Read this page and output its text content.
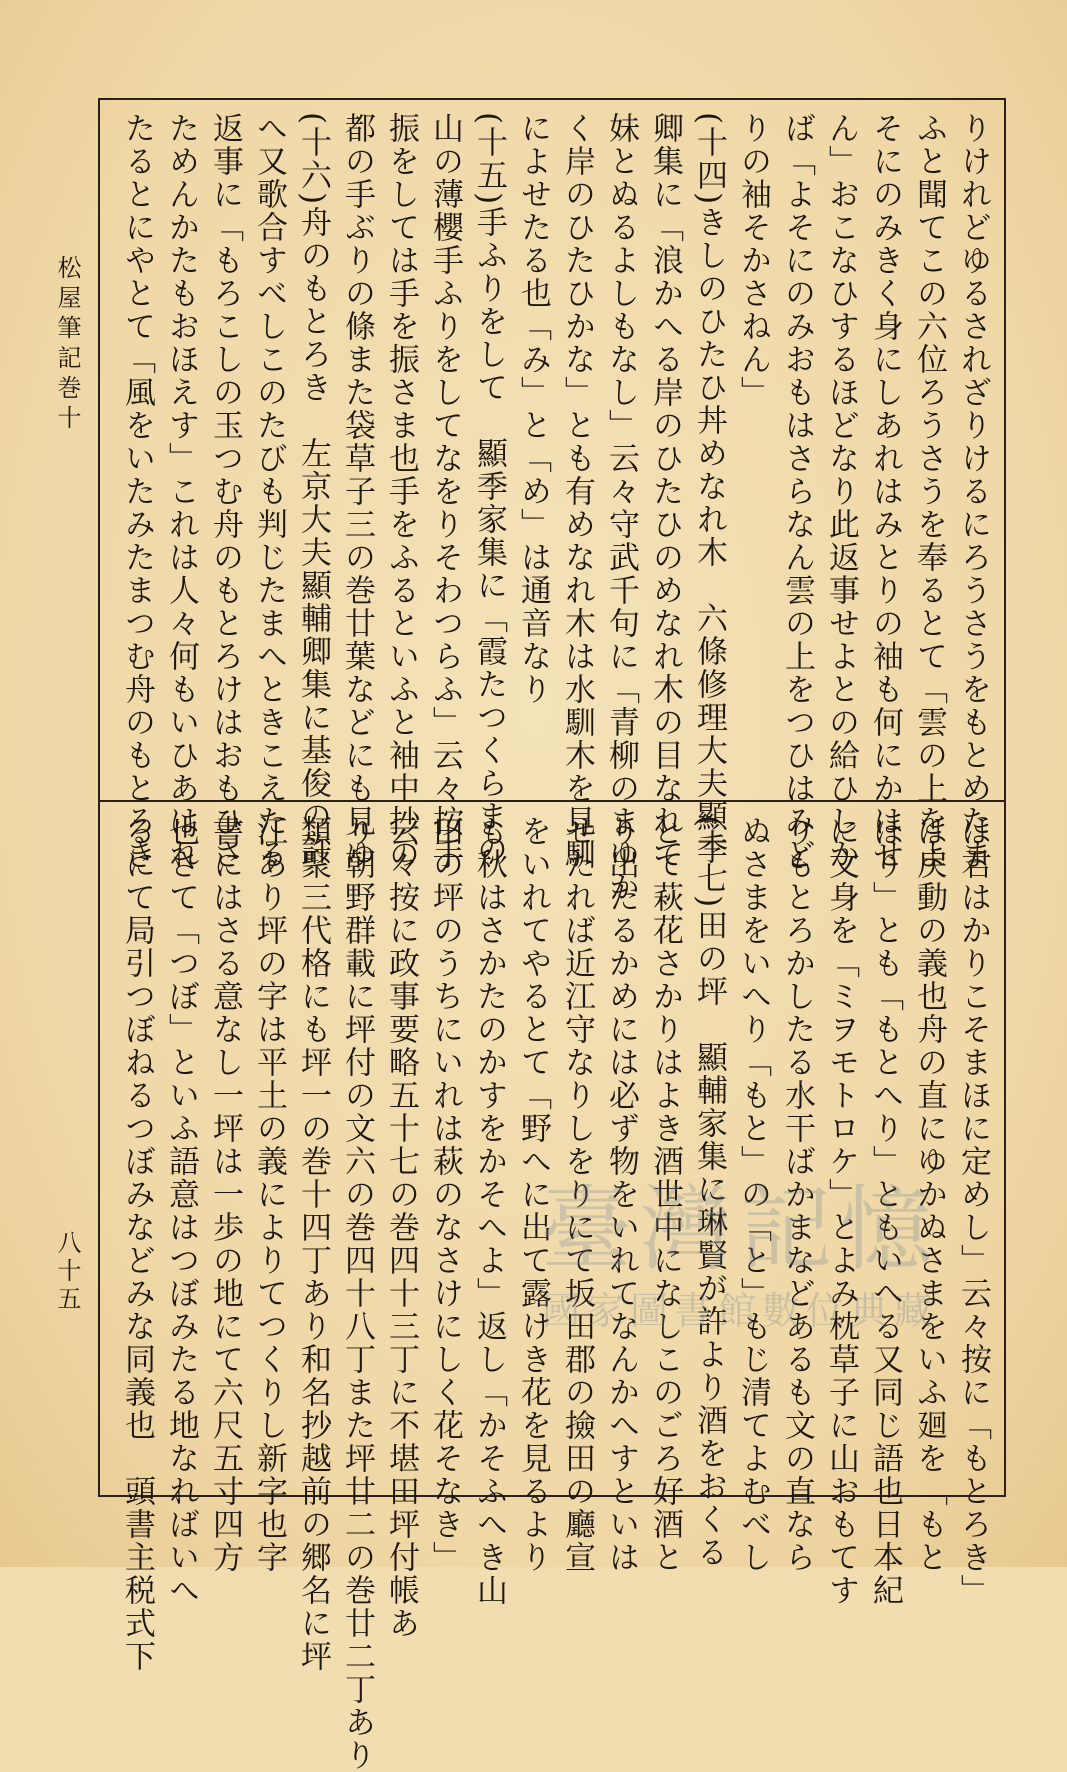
松屋筆記巻十
八十五
りけれどゆるされざりけるにろうさうをもとめたま
ふと聞てこの六位ろうさうを奉るとて「雲の上をよ
そにのみきく身にしあれはみとりの袖も何にかはせ
ん」おこなひするほどなり此返事せよとの給ひしか
ば「よそにのみおもはさらなん雲の上をつひはみど
りの袖そかさねん」
(十四)きしのひたひ丼めなれ木　六條修理大夫顯季
卿集に「浪かへる岸のひたひのめなれ木の目なれて
妹とぬるよしもなし」云々守武千句に「青柳のまゆか
く岸のひたひかな」とも有めなれ木は水馴木を見馴
によせたる也「み」と「め」は通音なり
(十五)手ふりをして　顯季家集に「霞たつくらまの
山の薄櫻手ふりをしてなをりそわつらふ」云々按手
振をしては手を振さま也手をふるといふと袖中抄の
都の手ぶりの條また袋草子三の巻廿葉などにも見ゆ
(十六)舟のもとろき　左京大夫顯輔卿集に基俊の許
へ又歌合すべしこのたびも判じたまへときこえたる
返事に「もろこしの玉つむ舟のもとろけはおもひさ
ためんかたもおほえす」これは人々何もいひあはれ
たるとにやとて「風をいたみたまつむ舟のもとろき
は君はかりこそまほに定めし」云々按に「もとろき」
は戻動の義也舟の直にゆかぬさまをいふ廻を「もと
ほり」とも「もとへり」ともいへる又同じ語也日本紀
に文身を「ミヲモトロケ」とよみ枕草子に山おもてす
りもとろかしたる水干ばかまなどあるも文の直なら
ぬさまをいへり「もと」の「と」もじ清てよむべし
(十七)田の坪　顯輔家集に琳賢が許より酒をおくる
とて萩花さかりはよき酒世中になしこのごろ好酒と
り出たるかめには必ず物をいれてなんかへすといは
せたれば近江守なりしをりにて坂田郡の撿田の廳宣
をいれてやるとて「野へに出て露けき花を見るより
も秋はさかたのかすをかそへよ」返し「かそふへき山
田の坪のうちにいれは萩のなさけにしく花そなき」
云々按に政事要略五十七の巻四十三丁に不堪田坪付帳あ
り朝野群載に坪付の文六の巻四十八丁また坪廿二の巻廿二丁あり
類聚三代格にも坪一の巻十四丁あり和名抄越前の郷名に坪
江あり坪の字は平土の義によりてつくりし新字也字
書にはさる意なし一坪は一歩の地にて六尺五寸四方
也さて「つぼ」といふ語意はつぼみたる地なればいへ
るにて局引つぼねるつぼみなどみな同義也　頭書主税式下	臺灣記憶
國家圖書館數位典藏
